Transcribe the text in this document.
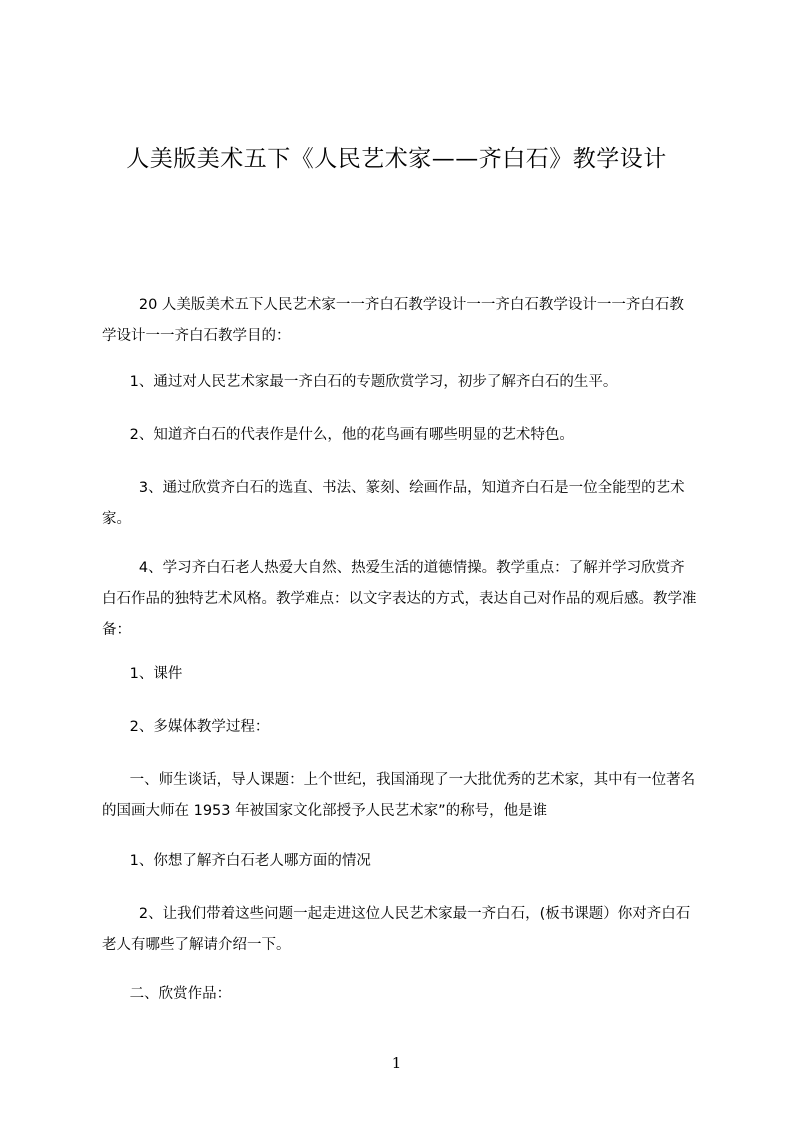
人美版美术五下《人民艺术家——齐白石》教学设计
20 人美版美术五下人民艺术家一一齐白石教学设计一一齐白石教学设计一一齐白石教学设计一一齐白石教学目的：
1、通过对人民艺术家最一齐白石的专题欣赏学习，初步了解齐白石的生平。
2、知道齐白石的代表作是什么，他的花鸟画有哪些明显的艺术特色。
3、通过欣赏齐白石的选直、书法、篆刻、绘画作品，知道齐白石是一位全能型的艺术家。
4、学习齐白石老人热爱大自然、热爱生活的道德情操。教学重点：了解并学习欣赏齐白石作品的独特艺术风格。教学难点：以文字表达的方式，表达自己对作品的观后感。教学准备：
1、课件
2、多媒体教学过程：
一、师生谈话，导人课题：上个世纪，我国涌现了一大批优秀的艺术家，其中有一位著名的国画大师在 1953 年被国家文化部授予人民艺术家”的称号，他是谁
1、你想了解齐白石老人哪方面的情况
2、让我们带着这些问题一起走进这位人民艺术家最一齐白石，(板书课题）你对齐白石老人有哪些了解请介绍一下。
二、欣赏作品：
1
